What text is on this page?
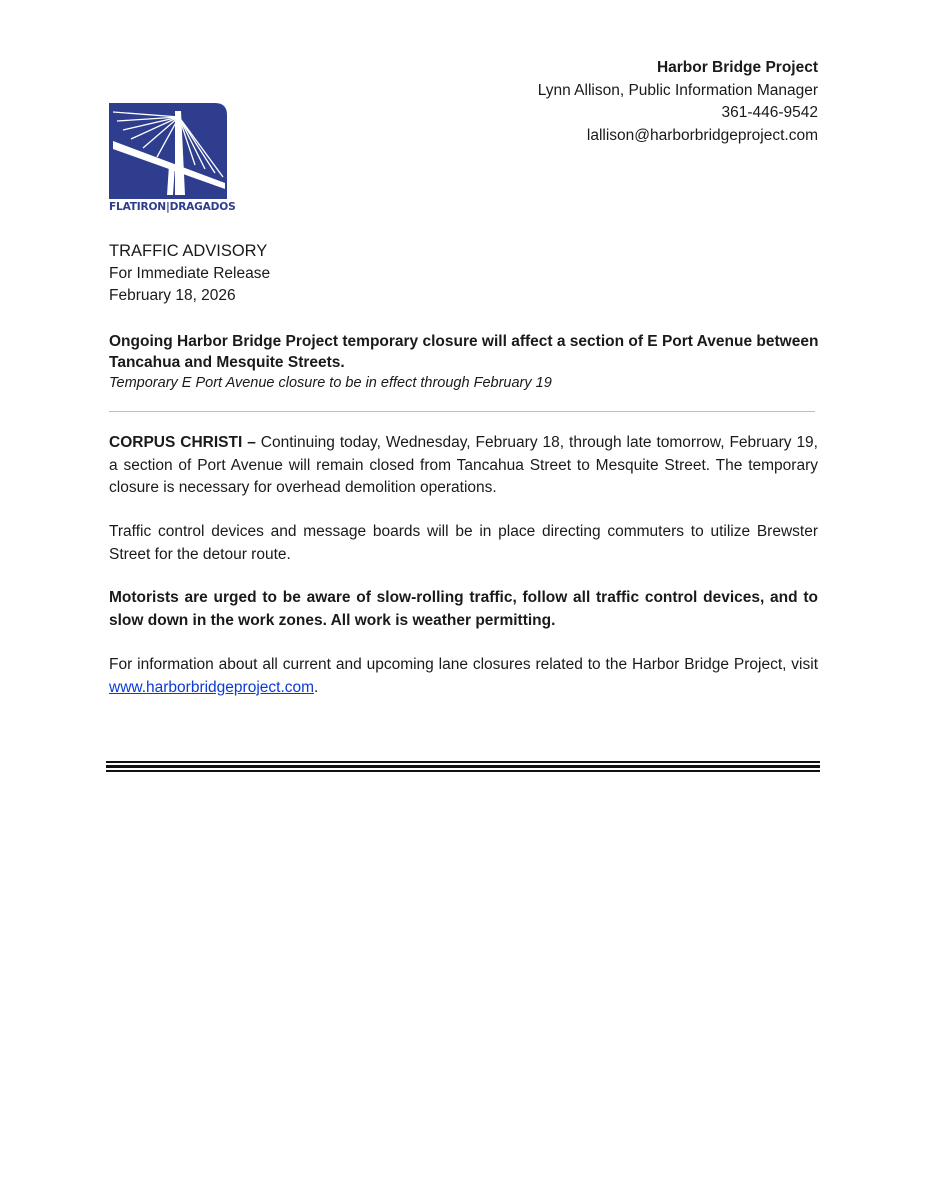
Harbor Bridge Project
Lynn Allison, Public Information Manager
361-446-9542
lallison@harborbridgeproject.com
FLATIRON|DRAGADOS
TRAFFIC ADVISORY
For Immediate Release
February 18, 2026
Ongoing Harbor Bridge Project temporary closure will affect a section of E Port Avenue between Tancahua and Mesquite Streets.
Temporary E Port Avenue closure to be in effect through February 19
CORPUS CHRISTI – Continuing today, Wednesday, February 18, through late tomorrow, February 19, a section of Port Avenue will remain closed from Tancahua Street to Mesquite Street. The temporary closure is necessary for overhead demolition operations.
Traffic control devices and message boards will be in place directing commuters to utilize Brewster Street for the detour route.
Motorists are urged to be aware of slow-rolling traffic, follow all traffic control devices, and to slow down in the work zones. All work is weather permitting.
For information about all current and upcoming lane closures related to the Harbor Bridge Project, visit www.harborbridgeproject.com.
